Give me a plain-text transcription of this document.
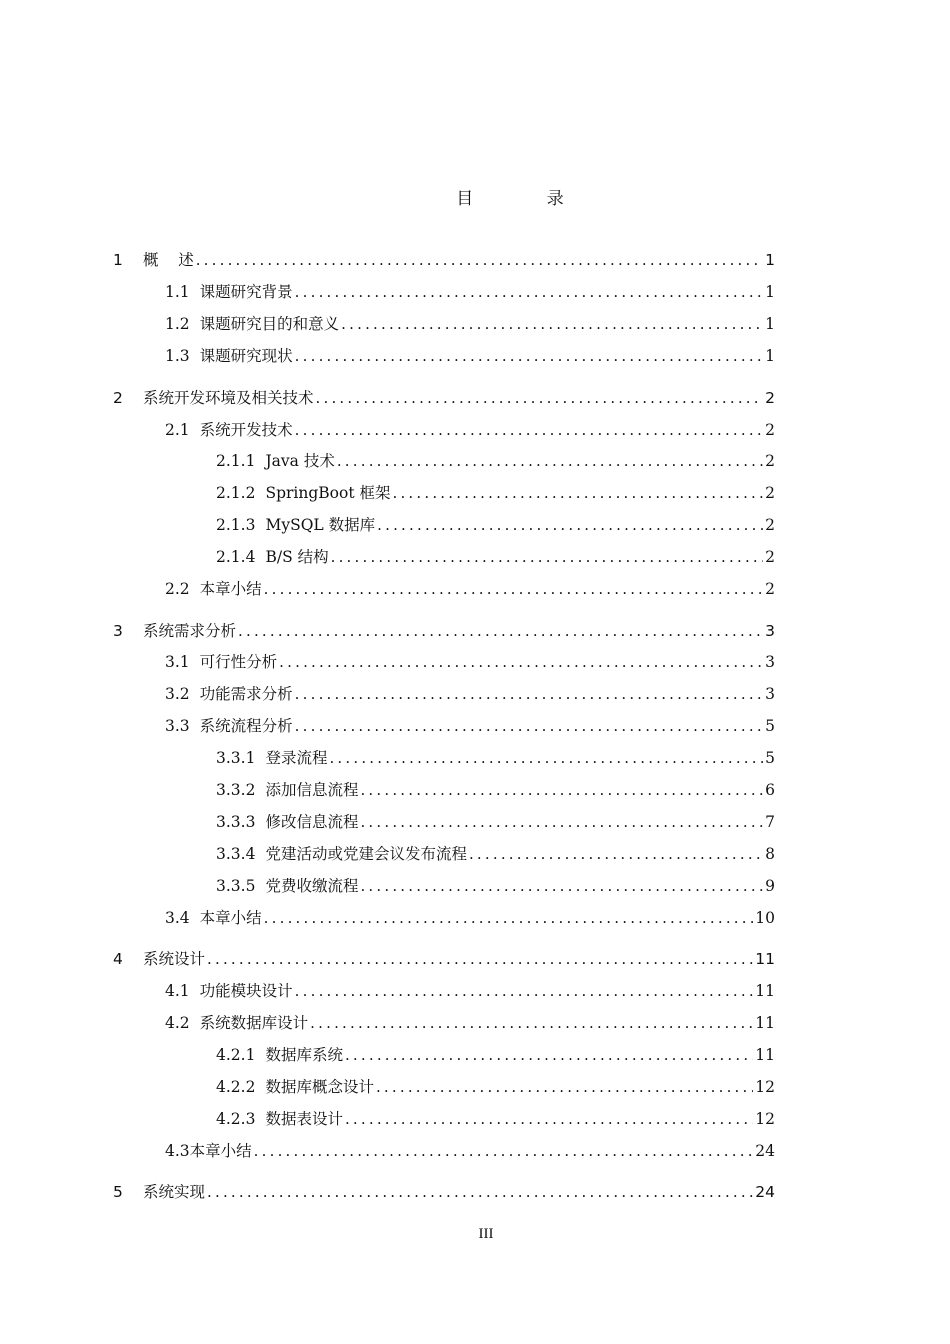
目 录
1	概    述 .....	1
1.1 课题研究背景 .....	1
1.2 课题研究目的和意义 .....	1
1.3 课题研究现状 .....	1
2	系统开发环境及相关技术 .....	2
2.1 系统开发技术 .....	2
2.1.1 Java 技术 .....	2
2.1.2 SpringBoot 框架 .....	2
2.1.3 MySQL 数据库 .....	2
2.1.4 B/S 结构 .....	2
2.2 本章小结 .....	2
3	系统需求分析 .....	3
3.1 可行性分析 .....	3
3.2 功能需求分析 .....	3
3.3 系统流程分析 .....	5
3.3.1 登录流程 .....	5
3.3.2 添加信息流程 .....	6
3.3.3 修改信息流程 .....	7
3.3.4 党建活动或党建会议发布流程 .....	8
3.3.5 党费收缴流程 .....	9
3.4 本章小结 .....	10
4	系统设计 .....	11
4.1 功能模块设计 .....	11
4.2 系统数据库设计 .....	11
4.2.1 数据库系统 .....	11
4.2.2 数据库概念设计 .....	12
4.2.3 数据表设计 .....	12
4.3 本章小结 .....	24
5	系统实现 .....	24
III
